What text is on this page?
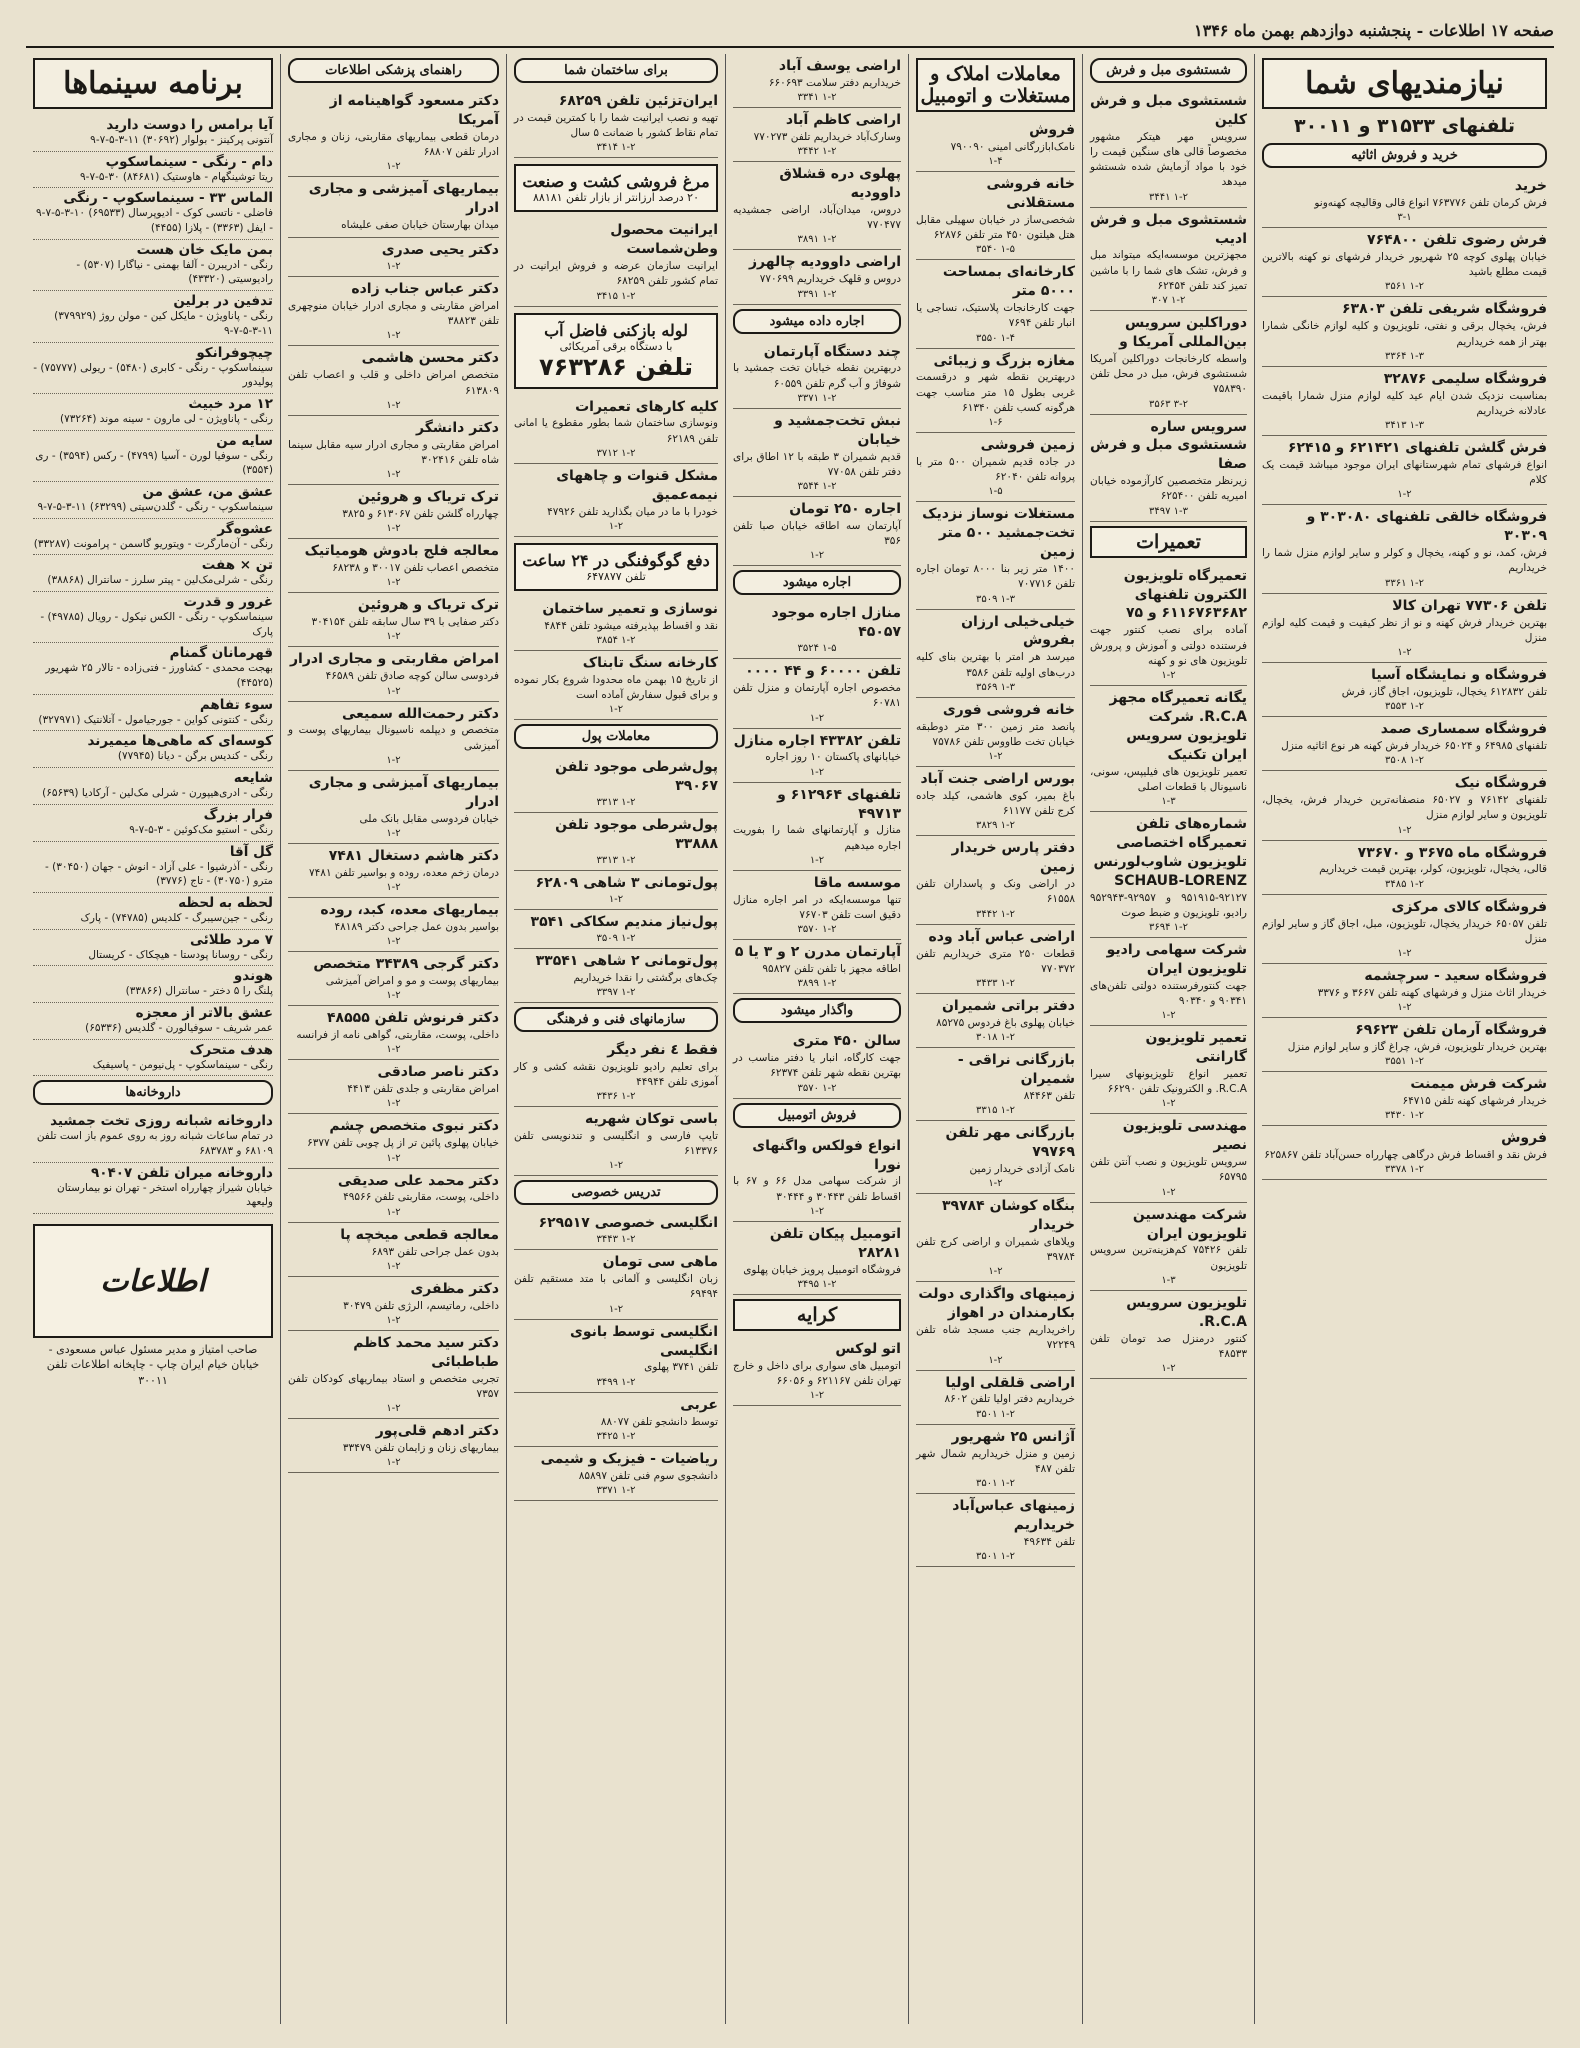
صفحه ۱۷ اطلاعات - پنجشنبه دوازدهم بهمن ماه ۱۳۴۶
نیازمندیهای شما
تلفنهای ۳۱۵۳۳ و ۳۰۰۱۱
خرید و فروش اثاثیه
خرید
فرش کرمان تلفن ۷۶۳۷۷۶ انواع قالی وقالیچه کهنه‌ونو
۳-۱
فرش رضوی تلفن ۷۶۴۸۰۰
خیابان پهلوی کوچه ۲۵ شهریور خریدار فرشهای نو کهنه بالاترین قیمت مطلع باشید
۱-۲ ۳۵۶۱
فروشگاه شریفی تلفن ۶۳۸۰۳
فرش، یخچال برقی و نفتی، تلویزیون و کلیه لوازم خانگی شمارا بهتر از همه خریداریم
۱-۳ ۳۳۶۴
فروشگاه سلیمی ۳۲۸۷۶
بمناسبت نزدیک شدن ایام عید کلیه لوازم منزل شمارا باقیمت عادلانه خریداریم
۱-۳ ۳۴۱۳
فرش گلشن تلفنهای ۶۲۱۴۲۱ و ۶۲۴۱۵
انواع فرشهای تمام شهرستانهای ایران موجود میباشد قیمت یک کلام
۱-۲
فروشگاه خالقی تلفنهای ۳۰۳۰۸۰ و ۳۰۳۰۹
فرش، کمد، نو و کهنه، یخچال و کولر و سایر لوازم منزل شما را خریداریم
۱-۲ ۳۳۶۱
تلفن ۷۷۳۰۶ تهران کالا
بهترین خریدار فرش کهنه و نو از نظر کیفیت و قیمت کلیه لوازم منزل
۱-۲
فروشگاه و نمایشگاه آسیا
تلفن ۶۱۲۸۳۲ یخچال، تلویزیون، اجاق گاز، فرش
۱-۲ ۳۵۵۳
فروشگاه سمساری صمد
تلفنهای ۶۴۹۸۵ و ۶۵۰۲۴ خریدار فرش کهنه هر نوع اثاثیه منزل
۱-۲ ۳۵۰۸
فروشگاه نیک
تلفنهای ۷۶۱۴۲ و ۶۵۰۲۷ منصفانه‌ترین خریدار فرش، یخچال، تلویزیون و سایر لوازم منزل
۱-۲
فروشگاه ماه ۳۶۷۵ و ۷۳۶۷۰
قالی، یخچال، تلویزیون، کولر، بهترین قیمت خریداریم
۱-۲ ۳۴۸۵
فروشگاه کالای مرکزی
تلفن ۶۵۰۵۷ خریدار یخچال، تلویزیون، مبل، اجاق گاز و سایر لوازم منزل
۱-۲
فروشگاه سعید - سرچشمه
خریدار اثاث منزل و فرشهای کهنه تلفن ۳۶۶۷ و ۳۳۷۶
۱-۲
فروشگاه آرمان تلفن ۶۹۶۲۳
بهترین خریدار تلویزیون، فرش، چراغ گاز و سایر لوازم منزل
۱-۲ ۳۵۵۱
شرکت فرش میمنت
خریدار فرشهای کهنه تلفن ۶۴۷۱۵
۱-۲ ۳۴۳۰
فروش
فرش نقد و اقساط فرش درگاهی چهارراه حسن‌آباد تلفن ۶۲۵۸۶۷
۱-۲ ۳۳۷۸
شستشوی مبل و فرش
شستشوی مبل و فرش کلین
سرویس مهر هیتکر مشهور مخصوصاً قالی های سنگین قیمت را خود با مواد آزمایش شده شستشو میدهد
۱-۲ ۳۴۴۱
شستشوی مبل و فرش ادیب
مجهزترین موسسه‌ایکه میتواند مبل و فرش، تشک های شما را با ماشین تمیز کند تلفن ۶۲۴۵۴
۱-۲ ۳۰۷
دوراکلین سرویس بین‌المللی آمریکا و
واسطه کارخانجات دوراکلین آمریکا شستشوی فرش، مبل در محل تلفن ۷۵۸۳۹۰
۳-۲ ۳۵۶۳
سرویس ساره شستشوی مبل و فرش صفا
زیرنظر متخصصین کارآزموده خیابان امیریه تلفن ۶۲۵۴۰۰
۱-۳ ۳۴۹۷
تعمیرات
تعمیرگاه تلویزیون الکترون تلفنهای ۶۱۱۶۷۶۳۶۸۲ و ۷۵
آماده برای نصب کنتور جهت فرستنده دولتی و آموزش و پرورش تلویزیون های نو و کهنه
۱-۲
یگانه تعمیرگاه مجهز R.C.A. شرکت تلویزیون سرویس ایران تکنیک
تعمیر تلویزیون های فیلیپس، سونی، ناسیونال با قطعات اصلی
۱-۳
شماره‌های تلفن تعمیرگاه اختصاصی تلویزیون شاوب‌لورنس SCHAUB-LORENZ
۹۵۱۹۱۵-۹۲۱۲۷ و ۹۲۹۵۷-۹۵۲۹۴۳ رادیو، تلویزیون و ضبط صوت
۱-۲ ۳۶۹۴
شرکت سهامی رادیو تلویزیون ایران
جهت کنتورفرستنده دولتی تلفن‌های ۹۰۳۴۱ و ۹۰۳۴۰
۱-۲
تعمیر تلویزیون گارانتی
تعمیر انواع تلویزیونهای سیرا R.C.A. و الکترونیک تلفن ۶۶۲۹۰
۱-۲
مهندسی تلویزیون نصیر
سرویس تلویزیون و نصب آنتن تلفن ۶۵۷۹۵
۱-۲
شرکت مهندسین تلویزیون ایران
تلفن ۷۵۴۲۶ کم‌هزینه‌ترین سرویس تلویزیون
۱-۳
تلویزیون سرویس R.C.A.
کنتور درمنزل صد تومان تلفن ۴۸۵۳۳
۱-۲
معاملات املاک و مستغلات و اتومبیل
فروش
نامک‌ابازرگانی امینی ۷۹۰۰۹۰
۱-۴
خانه فروشی مستقلانی
شخصی‌ساز در خیابان سهیلی مقابل هتل هیلتون ۴۵۰ متر تلفن ۶۲۸۷۶
۱-۵ ۳۵۴۰
کارخانه‌ای بمساحت ۵۰۰۰ متر
جهت کارخانجات پلاستیک، نساجی یا انبار تلفن ۷۶۹۴
۱-۴ ۳۵۵۰
مغازه بزرگ و زیبائی
دربهترین نقطه شهر و درقسمت غربی بطول ۱۵ متر مناسب جهت هرگونه کسب تلفن ۶۱۳۴۰
۱-۶
زمین فروشی
در جاده قدیم شمیران ۵۰۰ متر با پروانه تلفن ۶۲۰۴۰
۱-۵
مستغلات نوساز نزدیک تخت‌جمشید ۵۰۰ متر زمین
۱۴۰۰ متر زیر بنا ۸۰۰۰ تومان اجاره تلفن ۷۰۷۷۱۶
۱-۳ ۳۵۰۹
خیلی‌خیلی ارزان بفروش
میرسد هر امتر با بهترین بنای کلیه درب‌های اولیه تلفن ۳۵۸۶
۱-۳ ۳۵۶۹
خانه فروشی فوری
پانصد متر زمین ۳۰۰ متر دوطبقه خیابان تخت طاووس تلفن ۷۵۷۸۶
۱-۲
بورس اراضی جنت آباد
باغ بمیر، کوی هاشمی، کیلد جاده کرج تلفن ۶۱۱۷۷
۱-۲ ۳۸۲۹
دفتر پارس خریدار زمین
در اراضی ونک و پاسداران تلفن ۶۱۵۵۸
۱-۲ ۳۴۴۲
اراضی عباس آباد وده
قطعات ۲۵۰ متری خریداریم تلفن ۷۷۰۳۷۲
۱-۲ ۳۴۳۳
دفتر براتی شمیران
خیابان پهلوی باغ فردوس ۸۵۲۷۵
۱-۲ ۳۰۱۸
بازرگانی نراقی - شمیران
تلفن ۸۴۴۶۳
۱-۲ ۳۳۱۵
بازرگانی مهر تلفن ۷۹۷۶۹
نامک آزادی خریدار زمین
۱-۲
بنگاه کوشان ۳۹۷۸۴ خریدار
ویلاهای شمیران و اراضی کرج تلفن ۳۹۷۸۴
۱-۲
زمینهای واگذاری دولت بکارمندان در اهواز
راخریداریم جنب مسجد شاه تلفن ۷۲۲۴۹
۱-۲
اراضی قلقلی اولیا
خریداریم دفتر اولیا تلفن ۸۶۰۲
۱-۲ ۳۵۰۱
آژانس ۲۵ شهریور
زمین و منزل خریداریم شمال شهر تلفن ۴۸۷
۱-۲ ۳۵۰۱
زمینهای عباس‌آباد خریداریم
تلفن ۴۹۶۳۴
۱-۲ ۳۵۰۱
اراضی یوسف آباد
خریداریم دفتر سلامت ۶۶۰۶۹۳
۱-۲ ۳۳۴۱
اراضی کاظم آباد
وسارک‌آباد خریداریم تلفن ۷۷۰۲۷۳
۱-۲ ۳۴۴۲
پهلوی دره قشلاق داوودیه
دروس، میدان‌آباد، اراضی جمشیدیه ۷۷۰۴۷۷
۱-۲ ۳۸۹۱
اراضی داوودیه چالهرز
دروس و قلهک خریداریم ۷۷۰۶۹۹
۱-۲ ۳۳۹۱
اجاره داده میشود
چند دستگاه آپارتمان
دربهترین نقطه خیابان تخت جمشید با شوفاژ و آب گرم تلفن ۶۰۵۵۹
۱-۲ ۳۳۷۱
نبش تخت‌جمشید و خیابان
قدیم شمیران ۳ طبقه با ۱۲ اطاق برای دفتر تلفن ۷۷۰۵۸
۱-۲ ۳۵۴۴
اجاره ۲۵۰ تومان
آپارتمان سه اطاقه خیابان صبا تلفن ۳۵۶
۱-۲
اجاره میشود
منازل اجاره موجود ۴۵۰۵۷
۱-۵ ۳۵۲۴
تلفن ۶۰۰۰۰ و ۴۴ ۰۰۰۰
مخصوص اجاره آپارتمان و منزل تلفن ۶۰۷۸۱
۱-۲
تلفن ۴۳۳۸۲ اجاره منازل
خیابانهای پاکستان ۱۰ روز اجاره
۱-۲
تلفنهای ۶۱۲۹۶۴ و ۴۹۷۱۳
منازل و آپارتمانهای شما را بفوریت اجاره میدهیم
۱-۲
موسسه ماقا
تنها موسسه‌ایکه در امر اجاره منازل دقیق است تلفن ۷۶۷۰۳
۱-۲ ۳۵۷۰
آپارتمان مدرن ۲ و ۳ یا ۵
اطاقه مجهز با تلفن تلفن ۹۵۸۲۷
۱-۲ ۳۸۹۹
واگذار میشود
سالن ۴۵۰ متری
جهت کارگاه، انبار یا دفتر مناسب در بهترین نقطه شهر تلفن ۶۲۳۷۴
۱-۲ ۳۵۷۰
فروش اتومبیل
انواع فولکس واگنهای نورا
از شرکت سهامی مدل ۶۶ و ۶۷ با اقساط تلفن ۳۰۴۴۳ و ۳۰۴۴۴
۱-۲
اتومبیل پیکان تلفن ۲۸۲۸۱
فروشگاه اتومبیل پرویز خیابان پهلوی
۱-۲ ۳۴۹۵
کرایه
اتو لوکس
اتومبیل های سواری برای داخل و خارج تهران تلفن ۶۲۱۱۶۷ و ۶۶۰۵۶
۱-۲
برای ساختمان شما
ایران‌تزئین تلفن ۶۸۲۵۹
تهیه و نصب ایرانیت شما را با کمترین قیمت در تمام نقاط کشور با ضمانت ۵ سال
۱-۲ ۳۴۱۴
مرغ فروشی کشت و صنعت
۲۰ درصد ارزانتر از بازار تلفن ۸۸۱۸۱
ایرانیت محصول وطن‌شماست
ایرانیت سازمان عرضه و فروش ایرانیت در تمام کشور تلفن ۶۸۲۵۹
۱-۲ ۳۴۱۵
لوله بازکنی فاضل آب
با دستگاه برقی آمریکائی
تلفن ۷۶۳۲۸۶
کلیه کارهای تعمیرات
ونوسازی ساختمان شما بطور مقطوع یا امانی تلفن ۶۲۱۸۹
۱-۲ ۳۷۱۲
مشکل قنوات و چاههای نیمه‌عمیق
خودرا با ما در میان بگذارید تلفن ۴۷۹۲۶
۱-۲
دفع گوگوفنگی در ۲۴ ساعت
تلفن ۶۴۷۸۷۷
نوسازی و تعمیر ساختمان
نقد و اقساط بپذیرفته میشود تلفن ۴۸۴۴
۱-۲ ۳۸۵۴
کارخانه سنگ تابناک
از تاریخ ۱۵ بهمن ماه محدودا شروع بکار نموده و برای قبول سفارش آماده است
۱-۲
معاملات پول
پول‌شرطی موجود تلفن ۳۹۰۶۷
۱-۲ ۳۳۱۳
پول‌شرطی موجود تلفن ۳۳۸۸۸
۱-۲ ۳۳۱۳
پول‌تومانی ۳ شاهی ۶۲۸۰۹
۱-۲
پول‌نیاز مندیم سکاکی ۳۵۴۱
۱-۲ ۳۵۰۹
پول‌تومانی ۲ شاهی ۳۳۵۴۱
چک‌های برگشتی را نقدا خریداریم
۱-۲ ۳۳۹۷
سازمانهای فنی و فرهنگی
فقط ٤ نفر دیگر
برای تعلیم رادیو تلویزیون نقشه کشی و کار آموزی تلفن ۴۴۹۴۴
۱-۲ ۳۴۳۶
باسی توکان شهریه
تایپ فارسی و انگلیسی و تندنویسی تلفن ۶۱۳۳۷۶
۱-۲
تدریس خصوصی
انگلیسی خصوصی ۶۲۹۵۱۷
۱-۲ ۳۴۴۳
ماهی سی تومان
زبان انگلیسی و آلمانی با متد مستقیم تلفن ۶۹۴۹۴
۱-۲
انگلیسی توسط بانوی انگلیسی
تلفن ۳۷۴۱ پهلوی
۱-۲ ۳۴۹۹
عربی
توسط دانشجو تلفن ۸۸۰۷۷
۱-۲ ۳۴۲۵
ریاضیات - فیزیک و شیمی
دانشجوی سوم فنی تلفن ۸۵۸۹۷
۱-۲ ۳۳۷۱
راهنمای پزشکی اطلاعات
دکتر مسعود گواهینامه از آمریکا
درمان قطعی بیماریهای مقاربتی، زنان و مجاری ادرار تلفن ۶۸۸۰۷
۱-۲
بیماریهای آمیزشی و مجاری ادرار
میدان بهارستان خیابان صفی علیشاه
دکتر یحیی صدری
۱-۲
دکتر عباس جناب زاده
امراض مقاربتی و مجاری ادرار خیابان منوچهری تلفن ۳۸۸۲۳
۱-۲
دکتر محسن هاشمی
متخصص امراض داخلی و قلب و اعصاب تلفن ۶۱۳۸۰۹
۱-۲
دکتر دانشگر
امراض مقاربتی و مجاری ادرار سیه مقابل سینما شاه تلفن ۳۰۲۴۱۶
۱-۲
ترک تریاک و هروئین
چهارراه گلشن تلفن ۶۱۳۰۶۷ و ۳۸۲۵
۱-۲
معالجه فلج بادوش هومیاتیک
متخصص اعصاب تلفن ۳۰۰۱۷ و ۶۸۲۳۸
۱-۲
ترک تریاک و هروئین
دکتر صفایی با ۳۹ سال سابقه تلفن ۳۰۴۱۵۴
۱-۲
امراض مقاربتی و مجاری ادرار
فردوسی سالن کوچه صادق تلفن ۴۶۵۸۹
۱-۲
دکتر رحمت‌الله سمیعی
متخصص و دیپلمه ناسیونال بیماریهای پوست و آمیزشی
۱-۲
بیماریهای آمیزشی و مجاری ادرار
خیابان فردوسی مقابل بانک ملی
۱-۲
دکتر هاشم دستغال ۷۴۸۱
درمان زخم معده، روده و بواسیر تلفن ۷۴۸۱
۱-۲
بیماریهای معده، کبد، روده
بواسیر بدون عمل جراحی دکتر ۴۸۱۸۹
۱-۲
دکتر گرجی ۳۴۳۸۹ متخصص
بیماریهای پوست و مو و امراض آمیزشی
۱-۲
دکتر فرنوش تلفن ۴۸۵۵۵
داخلی، پوست، مقاربتی، گواهی نامه از فرانسه
۱-۲
دکتر ناصر صادقی
امراض مقاربتی و جلدی تلفن ۴۴۱۳
۱-۲
دکتر نبوی متخصص چشم
خیابان پهلوی پائین تر از پل چوبی تلفن ۶۳۷۷
۱-۲
دکتر محمد علی صدیقی
داخلی، پوست، مقاربتی تلفن ۴۹۵۶۶
۱-۲
معالجه قطعی میخچه پا
بدون عمل جراحی تلفن ۶۸۹۳
۱-۲
دکتر مظفری
داخلی، رماتیسم، الرژی تلفن ۳۰۴۷۹
۱-۲
دکتر سید محمد کاظم طباطبائی
تجربی متخصص و استاد بیماریهای کودکان تلفن ۷۳۵۷
۱-۲
دکتر ادهم قلی‌پور
بیماریهای زنان و زایمان تلفن ۳۳۴۷۹
۱-۲
برنامه سینماها
آیا برامس را دوست دارید
آنتونی پرکینز - بولوار (۳۰۶۹۲) ۱۱-۳-۵-۷-۹
دام - رنگی - سینماسکوپ
ریتا توشینگهام - هاوستیک (۸۴۶۸۱) ۳۰-۵-۷-۹
الماس ۳۳ - سینماسکوپ - رنگی
فاضلی - ناتسی کوک - ادیوپرسال (۶۹۵۳۳) ۱۰-۳-۵-۷-۹ - ایفل (۳۳۶۳) - پلازا (۴۴۵۵)
بمن مایک خان هست
رنگی - ادریبرن - آلفا بهمنی - نیاگارا (۵۳۰۷) - رادیوسیتی (۴۳۳۲۰)
تدفین در برلین
رنگی - پاناویژن - مایکل کین - مولن روژ (۳۷۹۹۲۹) ۱۱-۳-۵-۷-۹
چیچوفرانکو
سینماسکوپ - رنگی - کابری (۵۴۸۰) - ریولی (۷۵۷۷۷) - پولیدور
۱۲ مرد خبیث
رنگی - پاناویژن - لی مارون - سینه موند (۷۳۲۶۴)
سایه من
رنگی - سوفیا لورن - آسیا (۴۷۹۹) - رکس (۳۵۹۴) - ری (۳۵۵۴)
عشق من، عشق من
سینماسکوپ - رنگی - گلدن‌سیتی (۶۳۲۹۹) ۱۱-۳-۵-۷-۹
عشوه‌گر
رنگی - آن‌مارگرت - ویتوریو گاسمن - پرامونت (۳۳۲۸۷)
تن × هفت
رنگی - شرلی‌مک‌لین - پیتر سلرز - سانترال (۳۸۸۶۸)
غرور و قدرت
سینماسکوپ - رنگی - الکس نیکول - رویال (۴۹۷۸۵) - پارک
قهرمانان گمنام
بهجت محمدی - کشاورز - فتی‌زاده - تالار ۲۵ شهریور (۴۴۵۲۵)
سوء تفاهم
رنگی - کنتونی کواین - جورجیامول - آتلانتیک (۳۲۷۹۷۱)
کوسه‌ای که ماهی‌ها میمیرند
رنگی - کندیس برگن - دیانا (۷۷۹۴۵)
شایعه
رنگی - ادری‌هیپورن - شرلی مک‌لین - آرکادیا (۶۵۶۳۹)
فرار بزرگ
رنگی - استیو مک‌کوئین - ۳-۵-۷-۹
گل آقا
رنگی - آذرشیوا - علی آزاد - انوش - جهان (۳۰۴۵۰) - مترو (۳۰۷۵۰) - تاج (۳۷۷۶)
لحظه به لحظه
رنگی - جین‌سیبرگ - کلدیس (۷۴۷۸۵) - پارک
۷ مرد طلائی
رنگی - روسانا پودستا - هیچکاک - کریستال
هوندو
پلنگ را ۵ دختر - سانترال (۳۳۸۶۶)
عشق بالاتر از معجزه
عمر شریف - سوفیالورن - گلدیس (۶۵۳۳۶)
هدف متحرک
رنگی - سینماسکوپ - پل‌نیومن - پاسیفیک
داروخانه‌ها
داروخانه شبانه روزی تخت جمشید
در تمام ساعات شبانه روز به روی عموم باز است تلفن ۶۸۱۰۹ و ۶۸۳۷۸۳
داروخانه میران تلفن ۹۰۴۰۷
خیابان شیراز چهارراه استخر - تهران نو بیمارستان ولیعهد
اطلاعات
صاحب امتیاز و مدیر مسئول عباس مسعودی - خیابان خیام ایران چاپ - چاپخانه اطلاعات تلفن ۳۰۰۱۱
